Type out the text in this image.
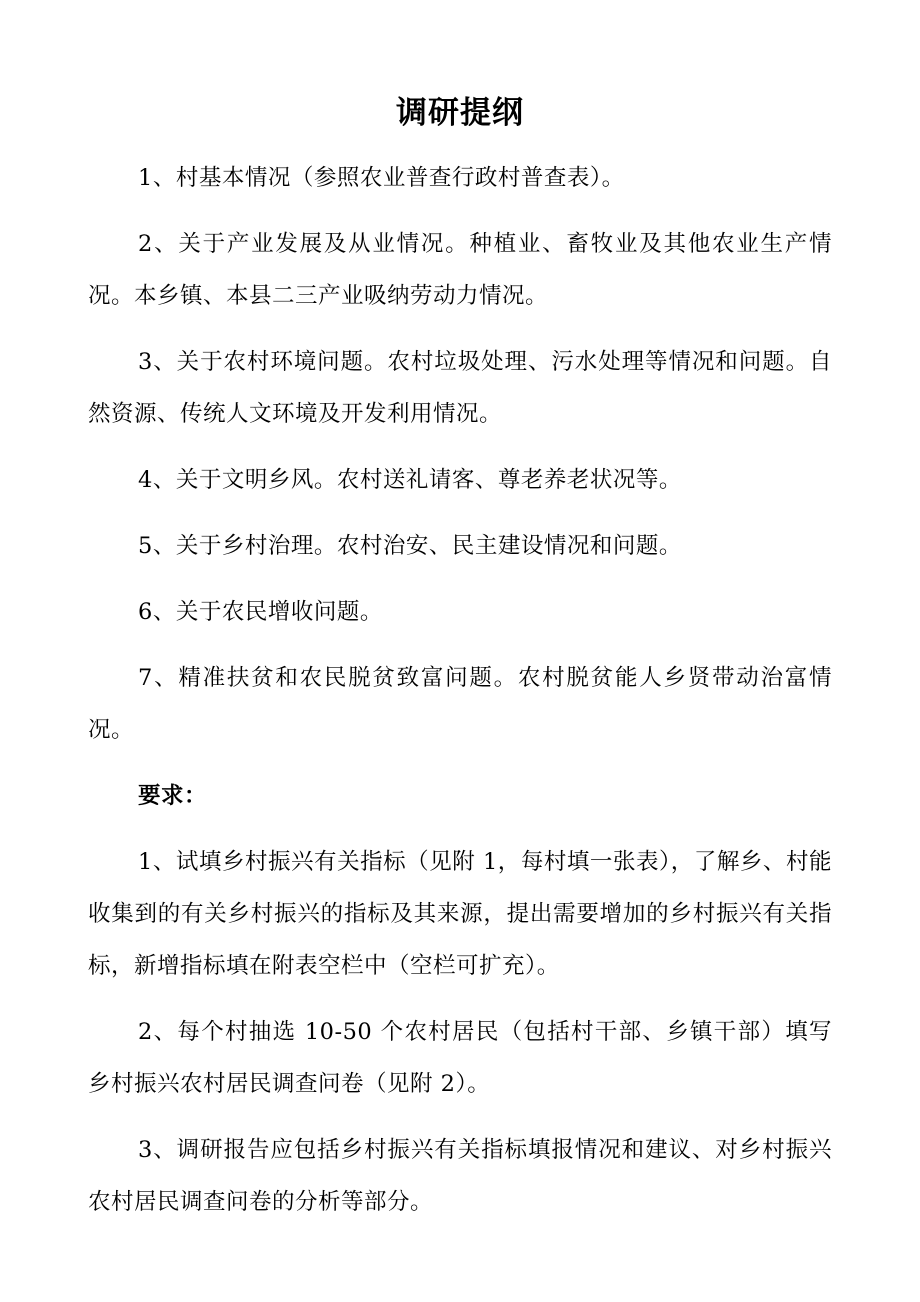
调研提纲

1、村基本情况（参照农业普查行政村普查表）。

2、关于产业发展及从业情况。种植业、畜牧业及其他农业生产情况。本乡镇、本县二三产业吸纳劳动力情况。

3、关于农村环境问题。农村垃圾处理、污水处理等情况和问题。自然资源、传统人文环境及开发利用情况。

4、关于文明乡风。农村送礼请客、尊老养老状况等。

5、关于乡村治理。农村治安、民主建设情况和问题。

6、关于农民增收问题。

7、精准扶贫和农民脱贫致富问题。农村脱贫能人乡贤带动治富情况。

要求：

1、试填乡村振兴有关指标（见附 1，每村填一张表），了解乡、村能收集到的有关乡村振兴的指标及其来源，提出需要增加的乡村振兴有关指标，新增指标填在附表空栏中（空栏可扩充）。

2、每个村抽选 10-50 个农村居民（包括村干部、乡镇干部）填写乡村振兴农村居民调查问卷（见附 2）。

3、调研报告应包括乡村振兴有关指标填报情况和建议、对乡村振兴农村居民调查问卷的分析等部分。
